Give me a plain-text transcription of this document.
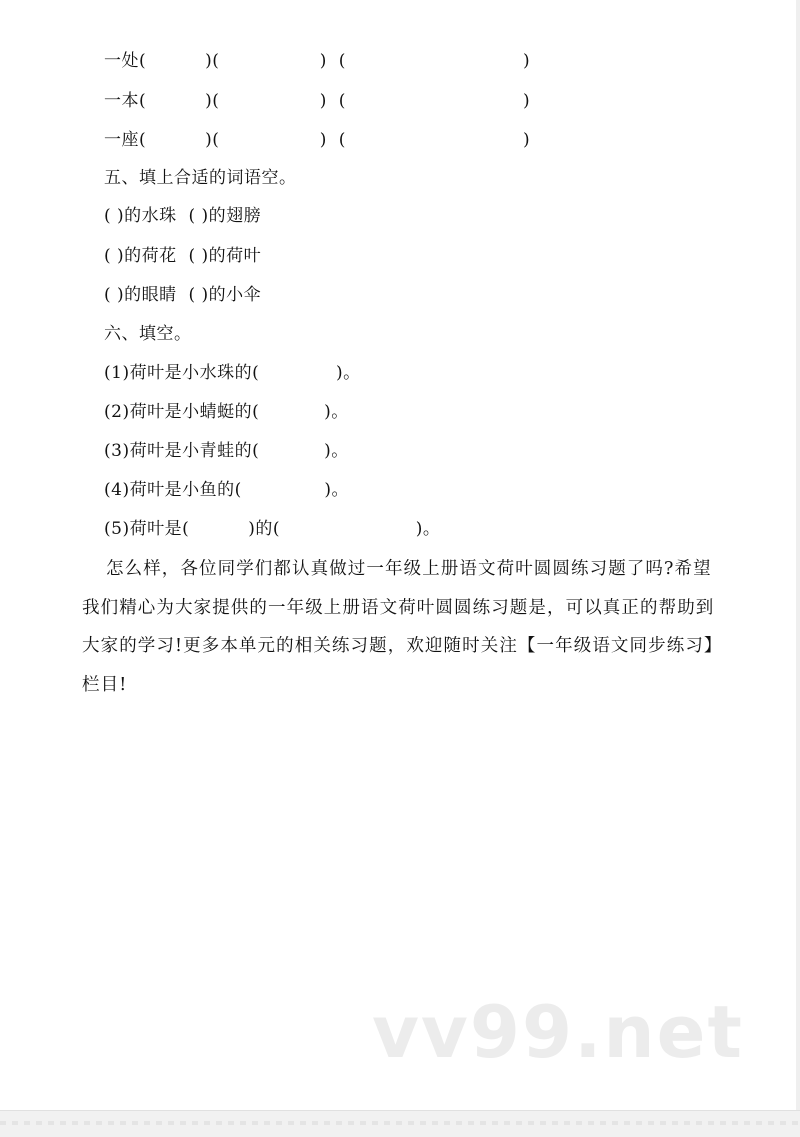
一处(          )(                 )  (                              )
一本(          )(                 )  (                              )
一座(          )(                 )  (                              )
五、填上合适的词语空。
( )的水珠  ( )的翅膀
( )的荷花  ( )的荷叶
( )的眼睛  ( )的小伞
六、填空。
(1)荷叶是小水珠的(             )。
(2)荷叶是小蜻蜓的(           )。
(3)荷叶是小青蛙的(           )。
(4)荷叶是小鱼的(              )。
(5)荷叶是(          )的(                       )。
怎么样，各位同学们都认真做过一年级上册语文荷叶圆圆练习题了吗?希望我们精心为大家提供的一年级上册语文荷叶圆圆练习题是，可以真正的帮助到大家的学习!更多本单元的相关练习题，欢迎随时关注【一年级语文同步练习】栏目!
vv99.net
